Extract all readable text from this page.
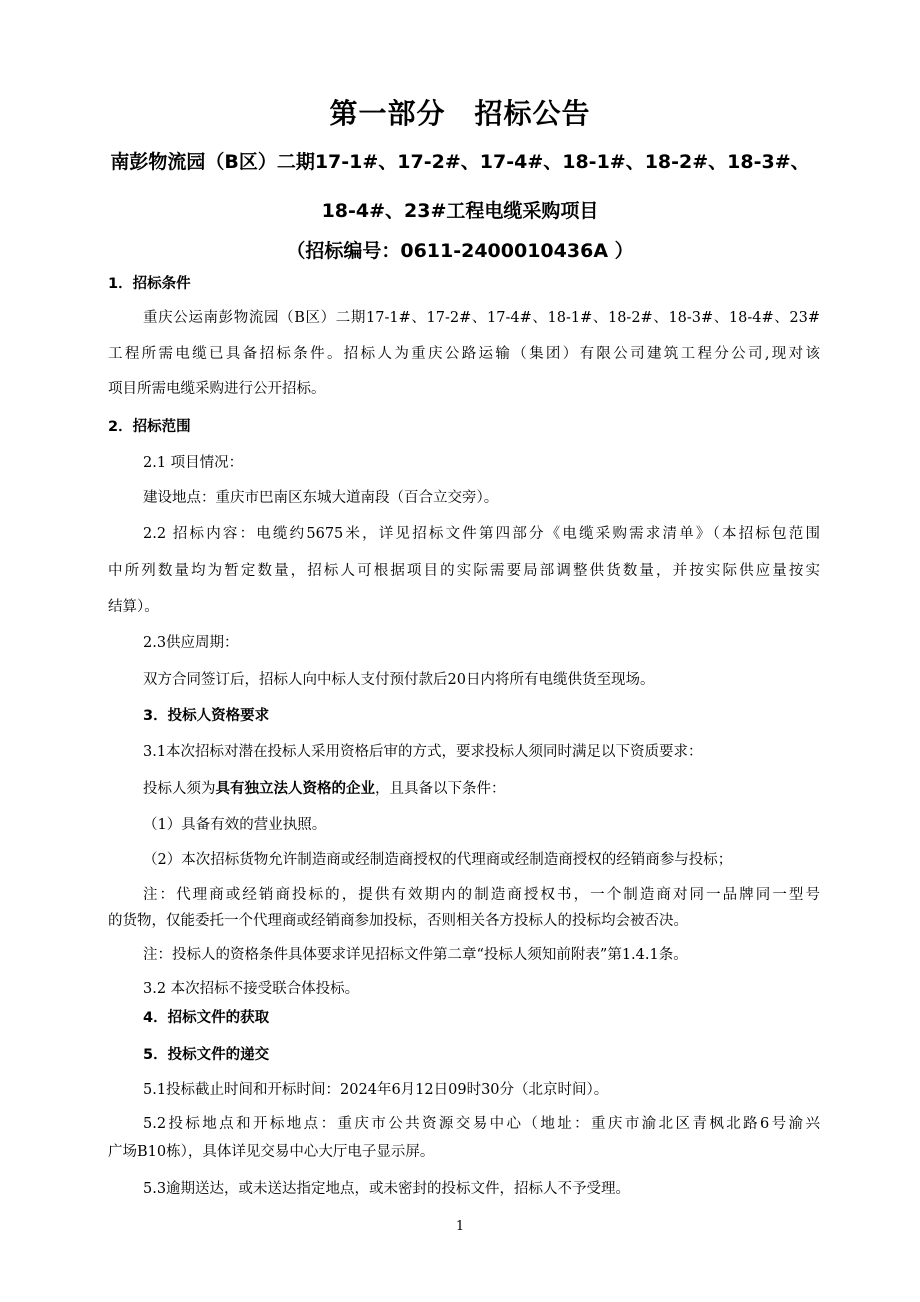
第一部分　招标公告
南彭物流园（B区）二期17-1#、17-2#、17-4#、18-1#、18-2#、18-3#、
18-4#、23#工程电缆采购项目
（招标编号：0611-2400010436A ）
1．招标条件
重庆公运南彭物流园（B区）二期17-1#、17-2#、17-4#、18-1#、18-2#、18-3#、18-4#、23#
工程所需电缆已具备招标条件。招标人为重庆公路运输（集团）有限公司建筑工程分公司,现对该
项目所需电缆采购进行公开招标。
2．招标范围
2.1 项目情况：
建设地点：重庆市巴南区东城大道南段（百合立交旁）。
2.2 招标内容：电缆约5675米，详见招标文件第四部分《电缆采购需求清单》（本招标包范围
中所列数量均为暂定数量，招标人可根据项目的实际需要局部调整供货数量，并按实际供应量按实
结算）。
2.3供应周期：
双方合同签订后，招标人向中标人支付预付款后20日内将所有电缆供货至现场。
3．投标人资格要求
3.1本次招标对潜在投标人采用资格后审的方式，要求投标人须同时满足以下资质要求：
投标人须为具有独立法人资格的企业，且具备以下条件：
（1）具备有效的营业执照。
（2）本次招标货物允许制造商或经制造商授权的代理商或经制造商授权的经销商参与投标；
注：代理商或经销商投标的，提供有效期内的制造商授权书，一个制造商对同一品牌同一型号
的货物，仅能委托一个代理商或经销商参加投标，否则相关各方投标人的投标均会被否决。
注：投标人的资格条件具体要求详见招标文件第二章“投标人须知前附表”第1.4.1条。
3.2 本次招标不接受联合体投标。
4．招标文件的获取
5．投标文件的递交
5.1投标截止时间和开标时间：2024年6月12日09时30分（北京时间）。
5.2投标地点和开标地点：重庆市公共资源交易中心（地址：重庆市渝北区青枫北路6号渝兴
广场B10栋），具体详见交易中心大厅电子显示屏。
5.3逾期送达，或未送达指定地点，或未密封的投标文件，招标人不予受理。
1
